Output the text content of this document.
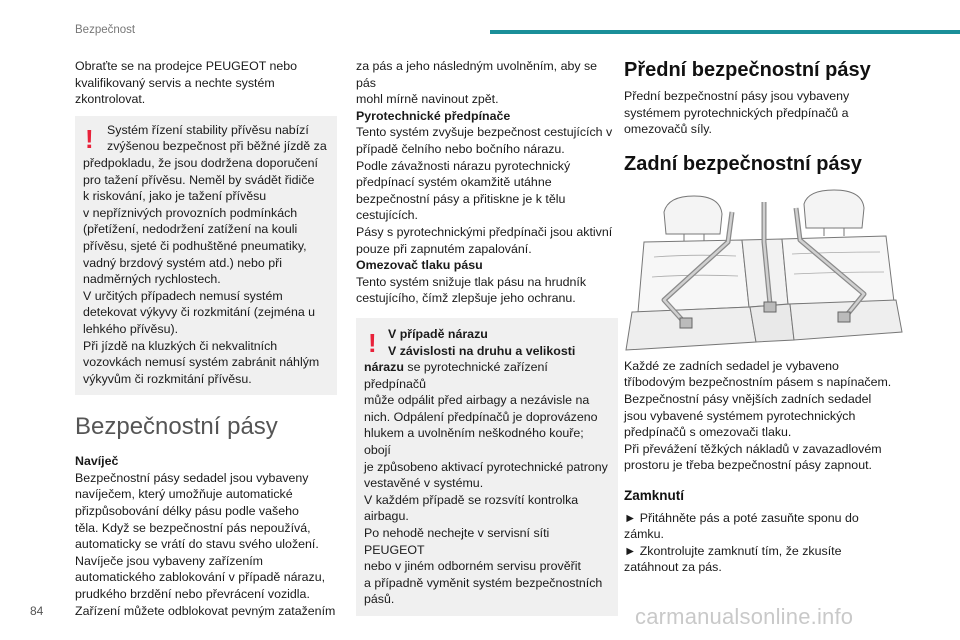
Bezpečnost

Obraťte se na prodejce PEUGEOT nebo

kvalifikovaný servis a nechte systém

zkontrolovat.

!	Systém řízení stability přívěsu nabízí

zvýšenou bezpečnost při běžné jízdě za

předpokladu, že jsou dodržena doporučení

pro tažení přívěsu. Neměl by svádět řidiče

k riskování, jako je tažení přívěsu

v nepříznivých provozních podmínkách

(přetížení, nedodržení zatížení na kouli

přívěsu, sjeté či podhuštěné pneumatiky,

vadný brzdový systém atd.) nebo při

nadměrných rychlostech.

V určitých případech nemusí systém

detekovat výkyvy či rozkmitání (zejména u

lehkého přívěsu).

Při jízdě na kluzkých či nekvalitních

vozovkách nemusí systém zabránit náhlým

výkyvům či rozkmitání přívěsu.

Bezpečnostní pásy

Navíječ

Bezpečnostní pásy sedadel jsou vybaveny

navíječem, který umožňuje automatické

přizpůsobování délky pásu podle vašeho

těla. Když se bezpečnostní pás nepoužívá,

automaticky se vrátí do stavu svého uložení.

Navíječe jsou vybaveny zařízením

automatického zablokování v případě nárazu,

prudkého brzdění nebo převrácení vozidla.

Zařízení můžete odblokovat pevným zatažením

za pás a jeho následným uvolněním, aby se pás

mohl mírně navinout zpět.

Pyrotechnické předpínače

Tento systém zvyšuje bezpečnost cestujících v

případě čelního nebo bočního nárazu.

Podle závažnosti nárazu pyrotechnický

předpínací systém okamžitě utáhne

bezpečnostní pásy a přitiskne je k tělu

cestujících.

Pásy s pyrotechnickými předpínači jsou aktivní

pouze při zapnutém zapalování.

Omezovač tlaku pásu

Tento systém snižuje tlak pásu na hrudník

cestujícího, čímž zlepšuje jeho ochranu.

! V případě nárazu

V závislosti na druhu a velikosti

nárazu se pyrotechnické zařízení předpínačů

může odpálit před airbagy a nezávisle na

nich. Odpálení předpínačů je doprovázeno

hlukem a uvolněním neškodného kouře; obojí

je způsobeno aktivací pyrotechnické patrony

vestavěné v systému.

V každém případě se rozsvítí kontrolka

airbagu.

Po nehodě nechejte v servisní síti PEUGEOT

nebo v jiném odborném servisu prověřit

a případně vyměnit systém bezpečnostních

pásů.

Přední bezpečnostní pásy

Přední bezpečnostní pásy jsou vybaveny

systémem pyrotechnických předpínačů a

omezovačů síly.

Zadní bezpečnostní pásy

Každé ze zadních sedadel je vybaveno

tříbodovým bezpečnostním pásem s napínačem.

Bezpečnostní pásy vnějších zadních sedadel

jsou vybavené systémem pyrotechnických

předpínačů s omezovači tlaku.

Při převážení těžkých nákladů v zavazadlovém

prostoru je třeba bezpečnostní pásy zapnout.

Zamknutí

► Přitáhněte pás a poté zasuňte sponu do

zámku.

► Zkontrolujte zamknutí tím, že zkusíte

zatáhnout za pás.

84	carmanualsonline.info
